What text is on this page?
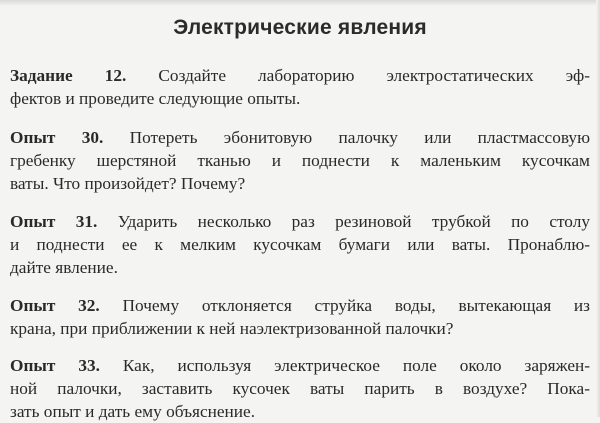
Электрические явления
Задание 12. Создайте лабораторию электростатических эф-
фектов и проведите следующие опыты.
Опыт 30. Потереть эбонитовую палочку или пластмассовую
гребенку шерстяной тканью и поднести к маленьким кусочкам
ваты. Что произойдет? Почему?
Опыт 31. Ударить несколько раз резиновой трубкой по столу
и поднести ее к мелким кусочкам бумаги или ваты. Пронаблю-
дайте явление.
Опыт 32. Почему отклоняется струйка воды, вытекающая из
крана, при приближении к ней наэлектризованной палочки?
Опыт 33. Как, используя электрическое поле около заряжен-
ной палочки, заставить кусочек ваты парить в воздухе? Пока-
зать опыт и дать ему объяснение.
